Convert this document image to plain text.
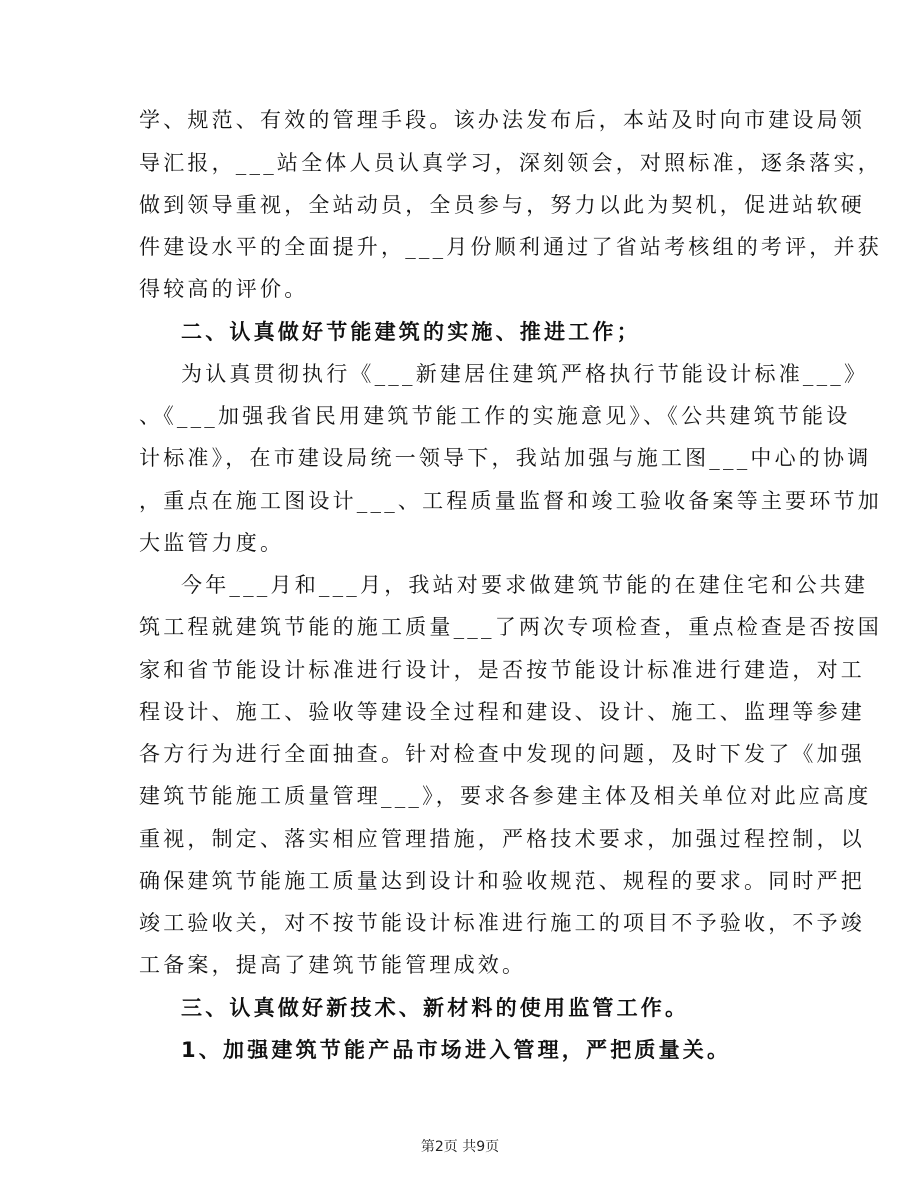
学、规范、有效的管理手段。该办法发布后，本站及时向市建设局领
导汇报，___站全体人员认真学习，深刻领会，对照标准，逐条落实，
做到领导重视，全站动员，全员参与，努力以此为契机，促进站软硬
件建设水平的全面提升，___月份顺利通过了省站考核组的考评，并获
得较高的评价。
二、认真做好节能建筑的实施、推进工作；
为认真贯彻执行《___新建居住建筑严格执行节能设计标准___》
、《___加强我省民用建筑节能工作的实施意见》、《公共建筑节能设
计标准》，在市建设局统一领导下，我站加强与施工图___中心的协调
，重点在施工图设计___、工程质量监督和竣工验收备案等主要环节加
大监管力度。
今年___月和___月，我站对要求做建筑节能的在建住宅和公共建
筑工程就建筑节能的施工质量___了两次专项检查，重点检查是否按国
家和省节能设计标准进行设计，是否按节能设计标准进行建造，对工
程设计、施工、验收等建设全过程和建设、设计、施工、监理等参建
各方行为进行全面抽查。针对检查中发现的问题，及时下发了《加强
建筑节能施工质量管理___》，要求各参建主体及相关单位对此应高度
重视，制定、落实相应管理措施，严格技术要求，加强过程控制，以
确保建筑节能施工质量达到设计和验收规范、规程的要求。同时严把
竣工验收关，对不按节能设计标准进行施工的项目不予验收，不予竣
工备案，提高了建筑节能管理成效。
三、认真做好新技术、新材料的使用监管工作。
1、加强建筑节能产品市场进入管理，严把质量关。
第2页 共9页
